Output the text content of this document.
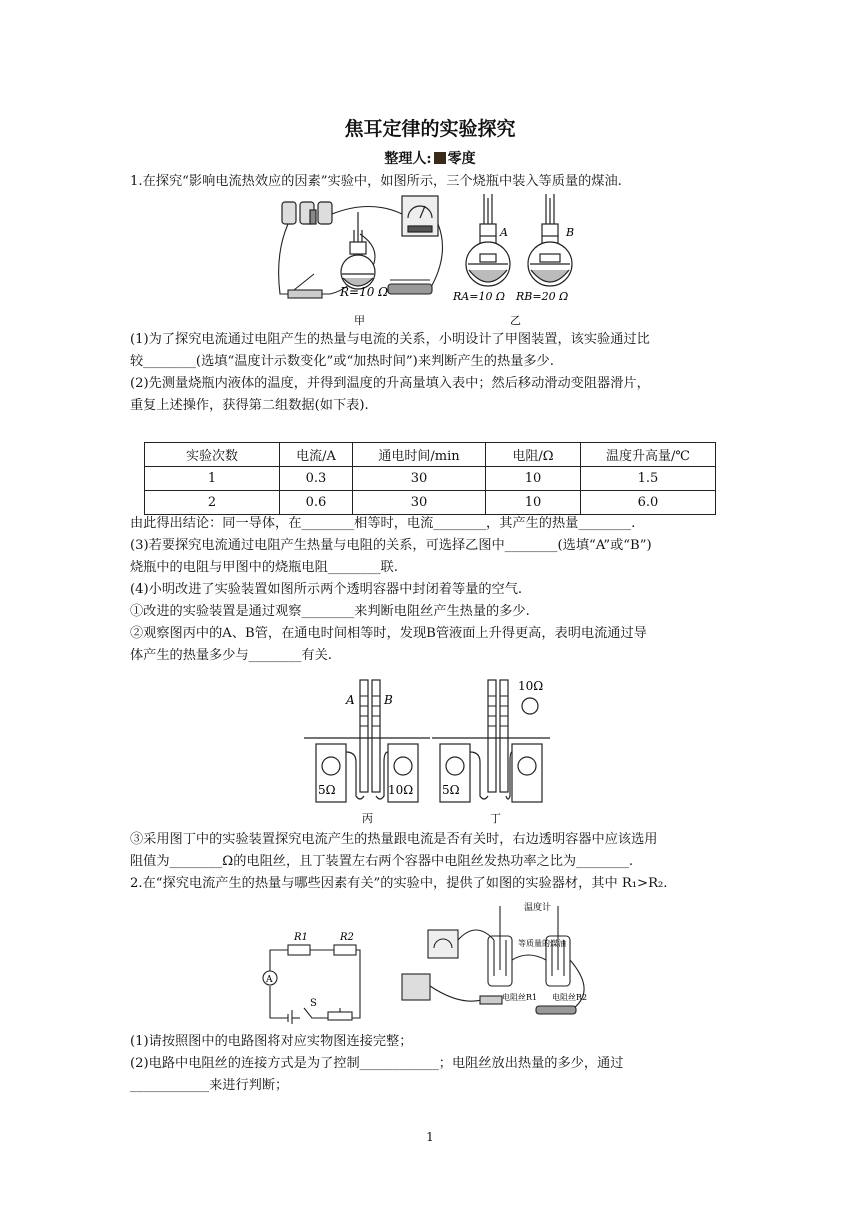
焦耳定律的实验探究
整理人: 零度
1.在探究“影响电流热效应的因素”实验中，如图所示，三个烧瓶中装入等质量的煤油.
R=10 Ω
甲
A
RA=10 Ω
B
RB=20 Ω
乙
(1)为了探究电流通过电阻产生的热量与电流的关系，小明设计了甲图装置，该实验通过比
较________(选填“温度计示数变化”或“加热时间”)来判断产生的热量多少.
(2)先测量烧瓶内液体的温度，并得到温度的升高量填入表中；然后移动滑动变阻器滑片，
重复上述操作，获得第二组数据(如下表).
实验次数	电流/A	通电时间/min	电阻/Ω	温度升高量/℃
1	0.3	30	10	1.5
2	0.6	30	10	6.0
由此得出结论：同一导体，在________相等时，电流________，其产生的热量________.
(3)若要探究电流通过电阻产生热量与电阻的关系，可选择乙图中________(选填“A”或“B”)
烧瓶中的电阻与甲图中的烧瓶电阻________联.
(4)小明改进了实验装置如图所示两个透明容器中封闭着等量的空气.
①改进的实验装置是通过观察________来判断电阻丝产生热量的多少.
②观察图丙中的A、B管，在通电时间相等时，发现B管液面上升得更高，表明电流通过导
体产生的热量多少与________有关.
A B
5Ω	10Ω 5Ω
10Ω
丙	丁
③采用图丁中的实验装置探究电流产生的热量跟电流是否有关时，右边透明容器中应该选用
阻值为________Ω的电阻丝，且丁装置左右两个容器中电阻丝发热功率之比为________.
2.在“探究电流产生的热量与哪些因素有关”的实验中，提供了如图的实验器材，其中 R₁>R₂.
A
R1	R2
S
温度计
等质量的煤油
电阻丝R1 电阻丝R2
(1)请按照图中的电路图将对应实物图连接完整；
(2)电路中电阻丝的连接方式是为了控制____________；电阻丝放出热量的多少，通过
____________来进行判断；
1
